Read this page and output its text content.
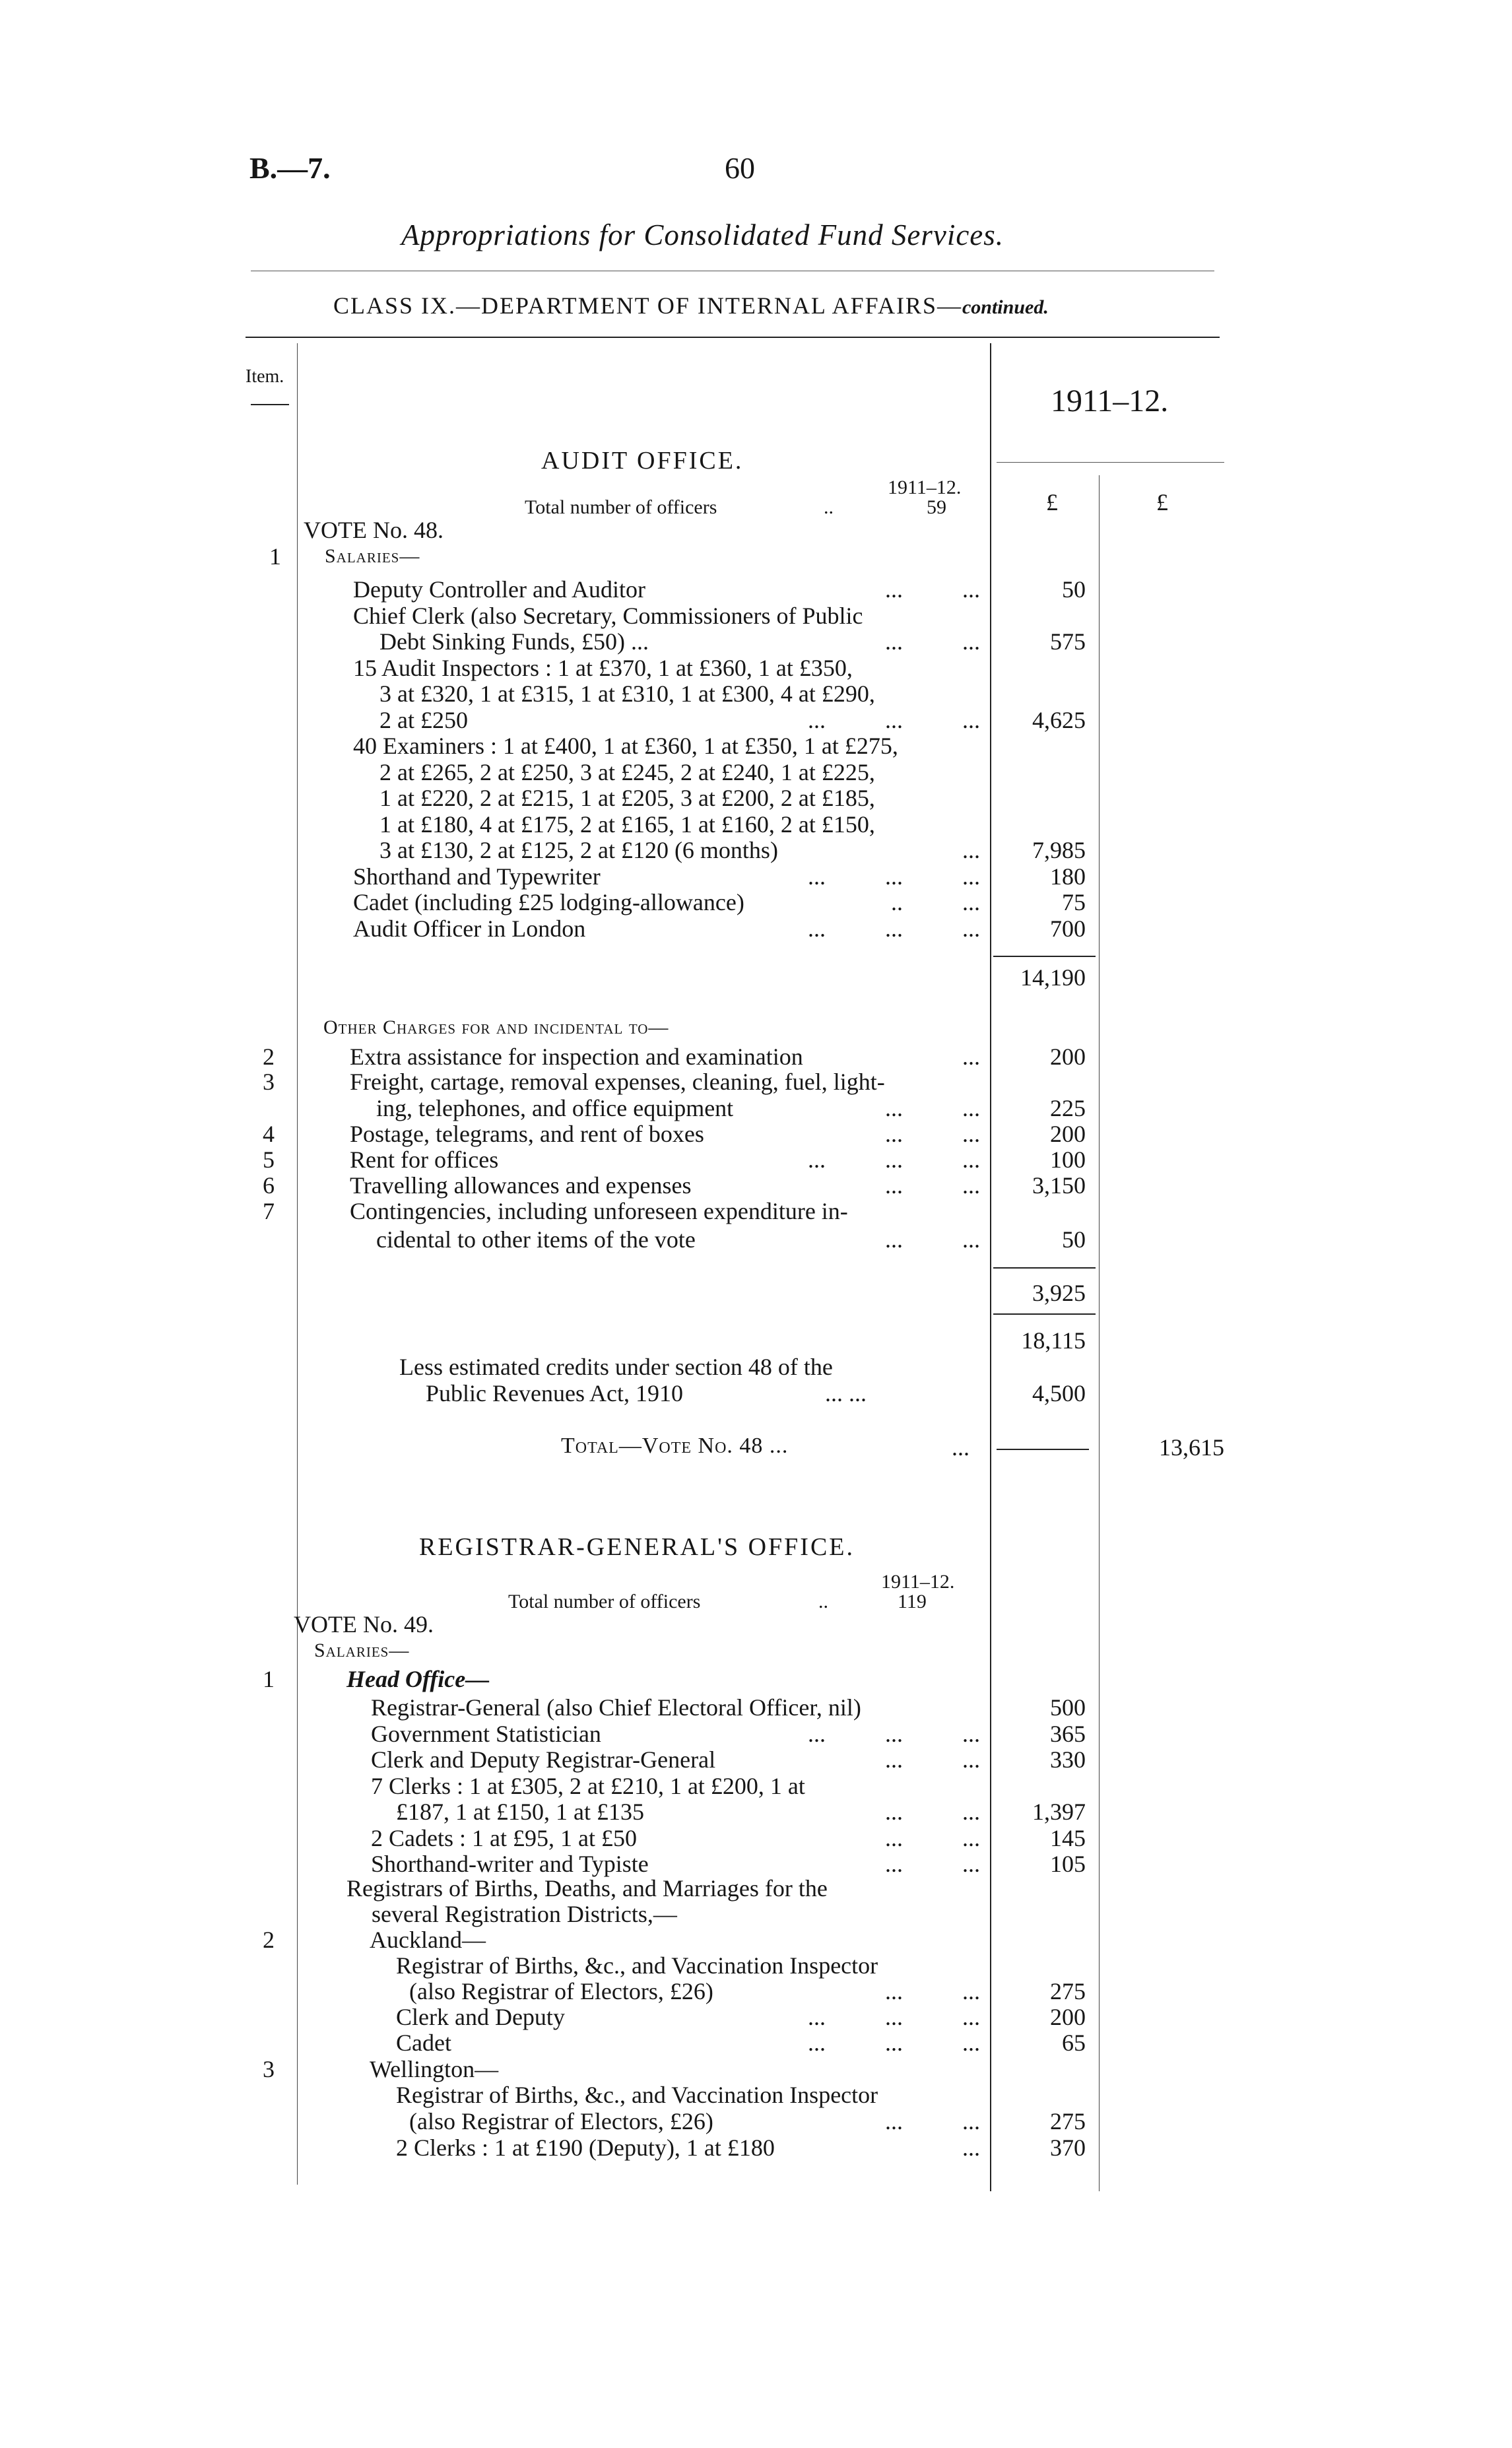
B.—7.	60
Appropriations for Consolidated Fund Services.
CLASS IX.—DEPARTMENT OF INTERNAL AFFAIRS—continued.
Item.
1911–12.
£	£
AUDIT OFFICE.
1911–12.
Total number of officers	..	59
VOTE No. 48.
1 Salaries—
Deputy Controller and Auditor	...          ...	50
Chief Clerk (also Secretary, Commissioners of Public
Debt Sinking Funds, £50) ...	...          ...	575
15 Audit Inspectors : 1 at £370, 1 at £360, 1 at £350,
3 at £320, 1 at £315, 1 at £310, 1 at £300, 4 at £290,
2 at £250	...          ...          ...	4,625
40 Examiners : 1 at £400, 1 at £360, 1 at £350, 1 at £275,
2 at £265, 2 at £250, 3 at £245, 2 at £240, 1 at £225,
1 at £220, 2 at £215, 1 at £205, 3 at £200, 2 at £185,
1 at £180, 4 at £175, 2 at £165, 1 at £160, 2 at £150,
3 at £130, 2 at £125, 2 at £120 (6 months)	...	7,985
Shorthand and Typewriter	...          ...          ...	180
Cadet (including £25 lodging-allowance)	..          ...	75
Audit Officer in London	...          ...          ...	700
14,190
Other Charges for and incidental to—
2	Extra assistance for inspection and examination	...	200
3	Freight, cartage, removal expenses, cleaning, fuel, light-
ing, telephones, and office equipment	...          ...	225
4	Postage, telegrams, and rent of boxes	...          ...	200
5	Rent for offices	...          ...          ...	100
6	Travelling allowances and expenses	...          ...	3,150
7	Contingencies, including unforeseen expenditure in-
cidental to other items of the vote	...          ...	50
3,925
18,115
Less estimated credits under section 48 of the
Public Revenues Act, 1910	... ...	4,500
Total—Vote No. 48 ...	...	13,615
REGISTRAR-GENERAL'S OFFICE.
1911–12.
Total number of officers	..	119
VOTE No. 49.
Salaries—
1	Head Office—
Registrar-General (also Chief Electoral Officer, nil)	500
Government Statistician	...          ...          ...	365
Clerk and Deputy Registrar-General	...          ...	330
7 Clerks : 1 at £305, 2 at £210, 1 at £200, 1 at
£187, 1 at £150, 1 at £135	...          ...	1,397
2 Cadets : 1 at £95, 1 at £50	...          ...	145
Shorthand-writer and Typiste	...          ...	105
Registrars of Births, Deaths, and Marriages for the
several Registration Districts,—
2	Auckland—
Registrar of Births, &c., and Vaccination Inspector
(also Registrar of Electors, £26)	...          ...	275
Clerk and Deputy	...          ...          ...	200
Cadet	...          ...          ...	65
3	Wellington—
Registrar of Births, &c., and Vaccination Inspector
(also Registrar of Electors, £26)	...          ...	275
2 Clerks : 1 at £190 (Deputy), 1 at £180	...	370
